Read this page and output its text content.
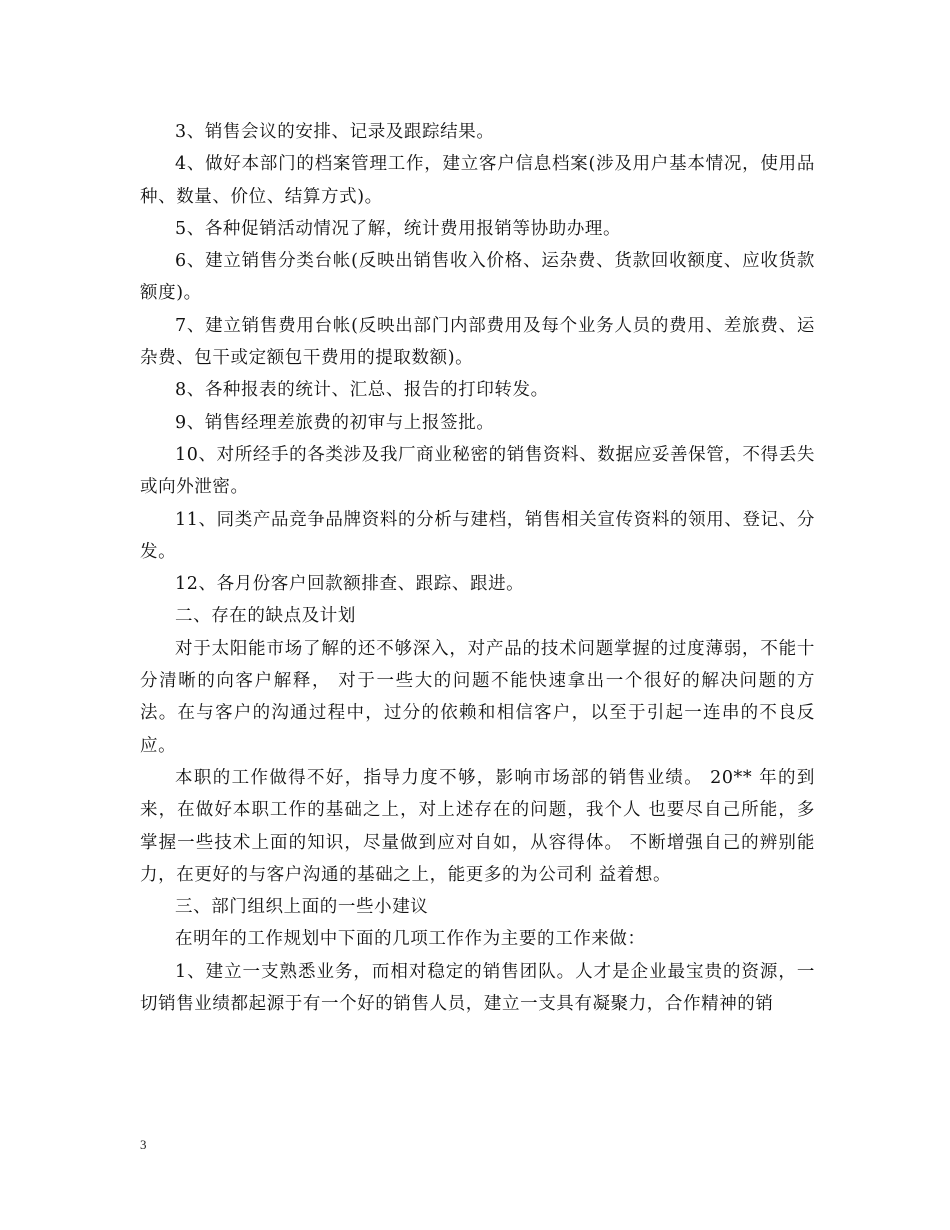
3、销售会议的安排、记录及跟踪结果。

4、做好本部门的档案管理工作，建立客户信息档案(涉及用户基本情况，使用品种、数量、价位、结算方式)。

5、各种促销活动情况了解，统计费用报销等协助办理。

6、建立销售分类台帐(反映出销售收入价格、运杂费、货款回收额度、应收货款额度)。

7、建立销售费用台帐(反映出部门内部费用及每个业务人员的费用、差旅费、运杂费、包干或定额包干费用的提取数额)。

8、各种报表的统计、汇总、报告的打印转发。

9、销售经理差旅费的初审与上报签批。

10、对所经手的各类涉及我厂商业秘密的销售资料、数据应妥善保管，不得丢失 或向外泄密。

11、同类产品竞争品牌资料的分析与建档，销售相关宣传资料的领用、登记、分 发。

12、各月份客户回款额排查、跟踪、跟进。

二、存在的缺点及计划

对于太阳能市场了解的还不够深入，对产品的技术问题掌握的过度薄弱，不能十分清晰的向客户解释， 对于一些大的问题不能快速拿出一个很好的解决问题的方法。在与客户的沟通过程中，过分的依赖和相信客户，以至于引起一连串的不良反应。

本职的工作做得不好，指导力度不够，影响市场部的销售业绩。 20** 年的到来，在做好本职工作的基础之上，对上述存在的问题，我个人 也要尽自己所能，多掌握一些技术上面的知识，尽量做到应对自如，从容得体。 不断增强自己的辨别能力，在更好的与客户沟通的基础之上，能更多的为公司利 益着想。

三、部门组织上面的一些小建议

在明年的工作规划中下面的几项工作作为主要的工作来做：

1、建立一支熟悉业务，而相对稳定的销售团队。人才是企业最宝贵的资源，一切销售业绩都起源于有一个好的销售人员，建立一支具有凝聚力，合作精神的销

3
